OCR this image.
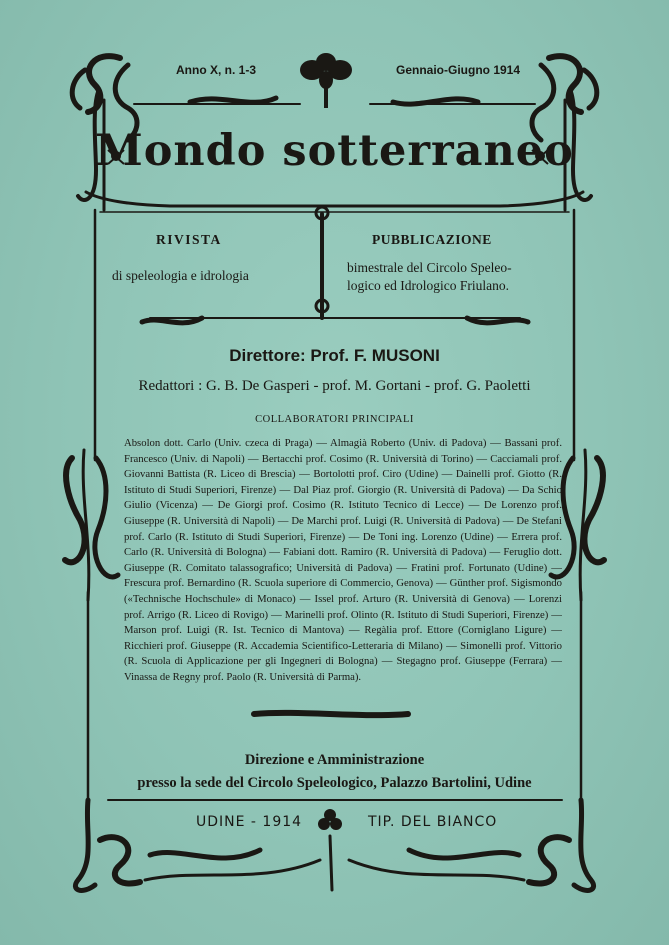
Anno X, n. 1-3	Gennaio-Giugno 1914
Mondo sotterraneo
RIVISTA
di speleologia e idrologia
PUBBLICAZIONE
bimestrale del Circolo Speleo-
logico ed Idrologico Friulano.
Direttore: Prof. F. MUSONI
Redattori : G. B. De Gasperi - prof. M. Gortani - prof. G. Paoletti
COLLABORATORI PRINCIPALI
Absolon dott. Carlo (Univ. czeca di Praga) — Almagià Roberto (Univ. di Padova) — Bassani prof. Francesco (Univ. di Napoli) — Bertacchi prof. Cosimo (R. Università di Torino) — Cacciamali prof. Giovanni Battista (R. Liceo di Brescia) — Bortolotti prof. Ciro (Udine) — Dainelli prof. Giotto (R. Istituto di Studi Superiori, Firenze) — Dal Piaz prof. Giorgio (R. Università di Padova) — Da Schio Giulio (Vicenza) — De Giorgi prof. Cosimo (R. Istituto Tecnico di Lecce) — De Lorenzo prof. Giuseppe (R. Università di Napoli) — De Marchi prof. Luigi (R. Università di Padova) — De Stefani prof. Carlo (R. Istituto di Studi Superiori, Firenze) — De Toni ing. Lorenzo (Udine) — Errera prof. Carlo (R. Università di Bologna) — Fabiani dott. Ramiro (R. Università di Padova) — Feruglio dott. Giuseppe (R. Comitato talassografico; Università di Padova) — Fratini prof. Fortunato (Udine) — Frescura prof. Bernardino (R. Scuola superiore di Commercio, Genova) — Günther prof. Sigismondo («Technische Hochschule» di Monaco) — Issel prof. Arturo (R. Università di Genova) — Lorenzi prof. Arrigo (R. Liceo di Rovigo) — Marinelli prof. Olinto (R. Istituto di Studi Superiori, Firenze) — Marson prof. Luigi (R. Ist. Tecnico di Mantova) — Regàlia prof. Ettore (Corniglano Ligure) — Ricchieri prof. Giuseppe (R. Accademia Scientifico-Letteraria di Milano) — Simonelli prof. Vittorio (R. Scuola di Applicazione per gli Ingegneri di Bologna) — Stegagno prof. Giuseppe (Ferrara) — Vinassa de Regny prof. Paolo (R. Università di Parma).
Direzione e Amministrazione
presso la sede del Circolo Speleologico, Palazzo Bartolini, Udine
UDINE - 1914	TIP. DEL BIANCO
